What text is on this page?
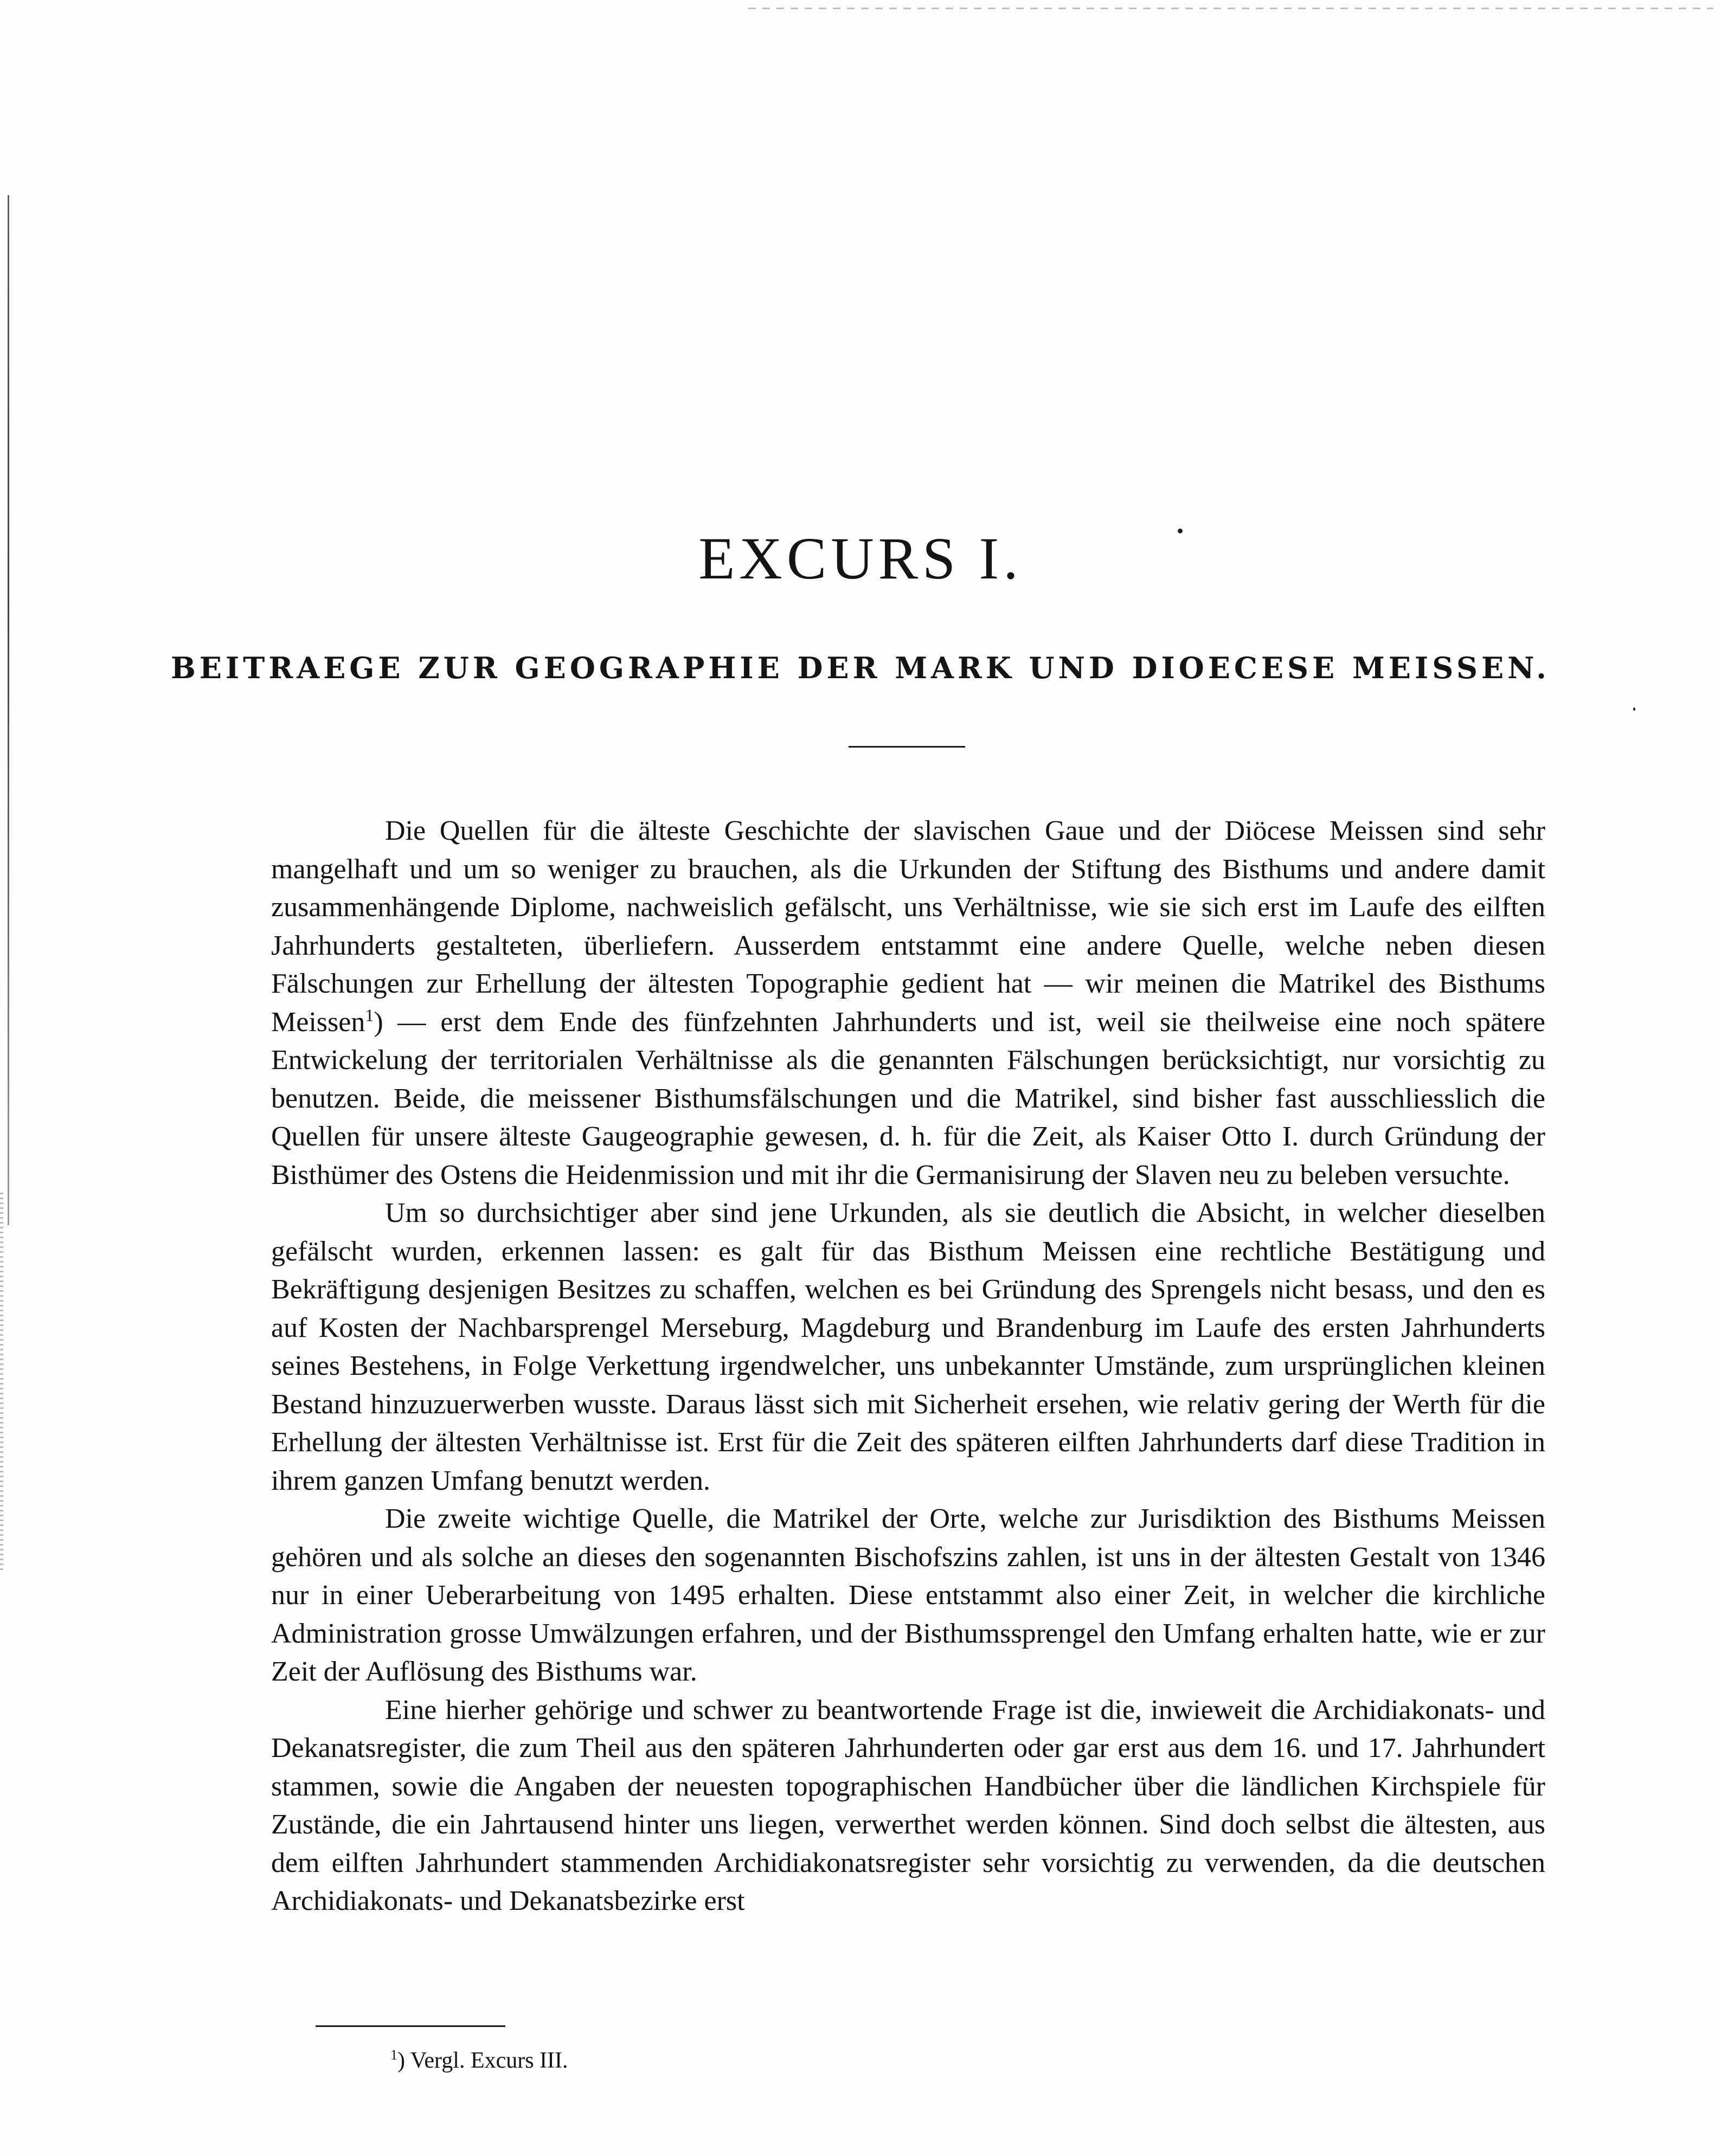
EXCURS I.
BEITRAEGE ZUR GEOGRAPHIE DER MARK UND DIOECESE MEISSEN.

Die Quellen für die älteste Geschichte der slavischen Gaue und der Diöcese Meissen sind sehr mangelhaft und um so weniger zu brauchen, als die Urkunden der Stiftung des Bisthums und andere damit zusammenhängende Diplome, nachweislich gefälscht, uns Verhältnisse, wie sie sich erst im Laufe des eilften Jahrhunderts gestalteten, überliefern. Ausserdem entstammt eine andere Quelle, welche neben diesen Fälschungen zur Erhellung der ältesten Topographie gedient hat — wir meinen die Matrikel des Bisthums Meissen$^1$) — erst dem Ende des fünfzehnten Jahrhunderts und ist, weil sie theilweise eine noch spätere Entwickelung der territorialen Verhältnisse als die genannten Fälschungen berücksichtigt, nur vorsichtig zu benutzen. Beide, die meissener Bisthumsfälschungen und die Matrikel, sind bisher fast ausschliesslich die Quellen für unsere älteste Gaugeographie gewesen, d. h. für die Zeit, als Kaiser Otto I. durch Gründung der Bisthümer des Ostens die Heidenmission und mit ihr die Germanisirung der Slaven neu zu beleben versuchte.

Um so durchsichtiger aber sind jene Urkunden, als sie deutlich die Absicht, in welcher dieselben gefälscht wurden, erkennen lassen: es galt für das Bisthum Meissen eine rechtliche Bestätigung und Bekräftigung desjenigen Besitzes zu schaffen, welchen es bei Gründung des Sprengels nicht besass, und den es auf Kosten der Nachbarsprengel Merseburg, Magdeburg und Brandenburg im Laufe des ersten Jahrhunderts seines Bestehens, in Folge Verkettung irgendwelcher, uns unbekannter Umstände, zum ursprünglichen kleinen Bestand hinzuzuerwerben wusste. Daraus lässt sich mit Sicherheit ersehen, wie relativ gering der Werth für die Erhellung der ältesten Verhältnisse ist. Erst für die Zeit des späteren eilften Jahrhunderts darf diese Tradition in ihrem ganzen Umfang benutzt werden.

Die zweite wichtige Quelle, die Matrikel der Orte, welche zur Jurisdiktion des Bisthums Meissen gehören und als solche an dieses den sogenannten Bischofszins zahlen, ist uns in der ältesten Gestalt von 1346 nur in einer Ueberarbeitung von 1495 erhalten. Diese entstammt also einer Zeit, in welcher die kirchliche Administration grosse Umwälzungen erfahren, und der Bisthumssprengel den Umfang erhalten hatte, wie er zur Zeit der Auflösung des Bisthums war.

Eine hierher gehörige und schwer zu beantwortende Frage ist die, inwieweit die Archidiakonats- und Dekanatsregister, die zum Theil aus den späteren Jahrhunderten oder gar erst aus dem 16. und 17. Jahrhundert stammen, sowie die Angaben der neuesten topographischen Handbücher über die ländlichen Kirchspiele für Zustände, die ein Jahrtausend hinter uns liegen, verwerthet werden können. Sind doch selbst die ältesten, aus dem eilften Jahrhundert stammenden Archidiakonatsregister sehr vorsichtig zu verwenden, da die deutschen Archidiakonats- und Dekanatsbezirke erst

$^1$) Vergl. Excurs III.
